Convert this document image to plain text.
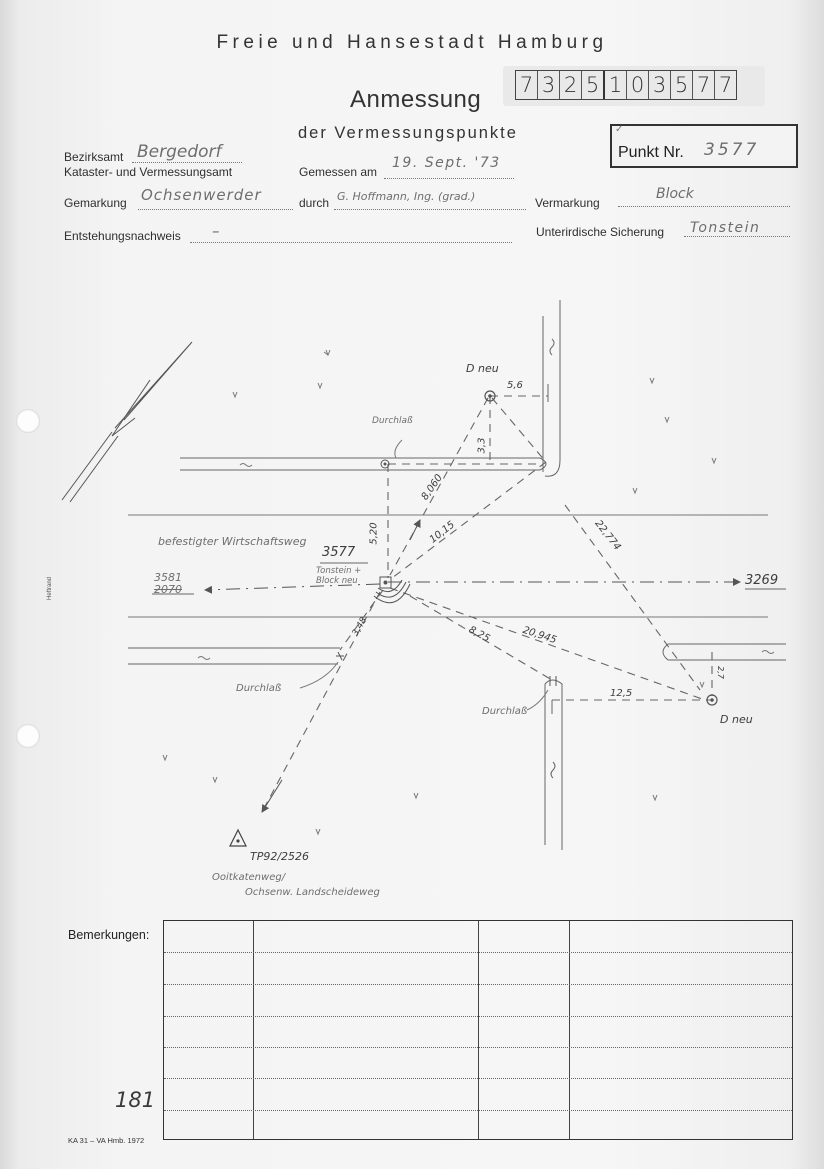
Heftrand
Freie und Hansestadt Hamburg
Anmessung
der Vermessungspunkte
7 3 2 5 1 0 3 5 7 7
✓
Punkt Nr. 3577
Bezirksamt Bergedorf
Kataster- und Vermessungsamt	Gemessen am
19. Sept. '73
Gemarkung Ochsenwerder	durch G. Hoffmann, Ing. (grad.)	Vermarkung
Block
Entstehungsnachweis –	Unterirdische Sicherung Tonstein
befestigter Wirtschaftsweg
3577
Tonstein + Block neu
3581
2070
3269
D neu
D neu
Durchlaß
Durchlaß
Durchlaß
TP92/2526
Ooitkatenweg/
Ochsenw. Landscheideweg
5,6
3,3
8,060
10,15	22,774
5,20
3,48	8,25	20,945
12,5
2,7
Bemerkungen:
181
KA 31 – VA Hmb. 1972
